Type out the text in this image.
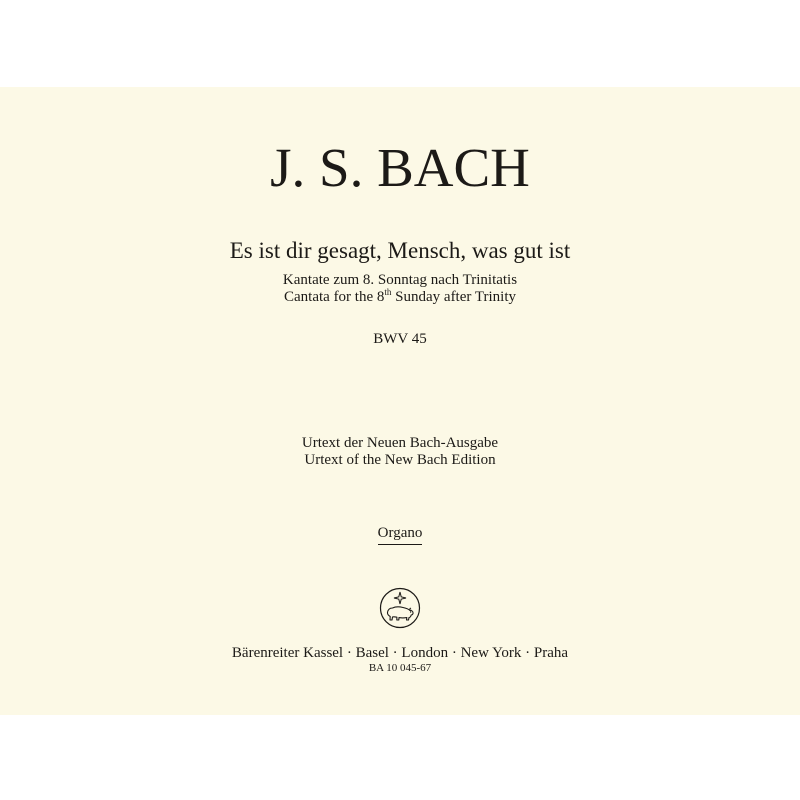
J. S. BACH
Es ist dir gesagt, Mensch, was gut ist
Kantate zum 8. Sonntag nach Trinitatis
Cantata for the 8th Sunday after Trinity
BWV 45
Urtext der Neuen Bach-Ausgabe
Urtext of the New Bach Edition
Organo
Bärenreiter Kassel · Basel · London · New York · Praha
BA 10 045-67
